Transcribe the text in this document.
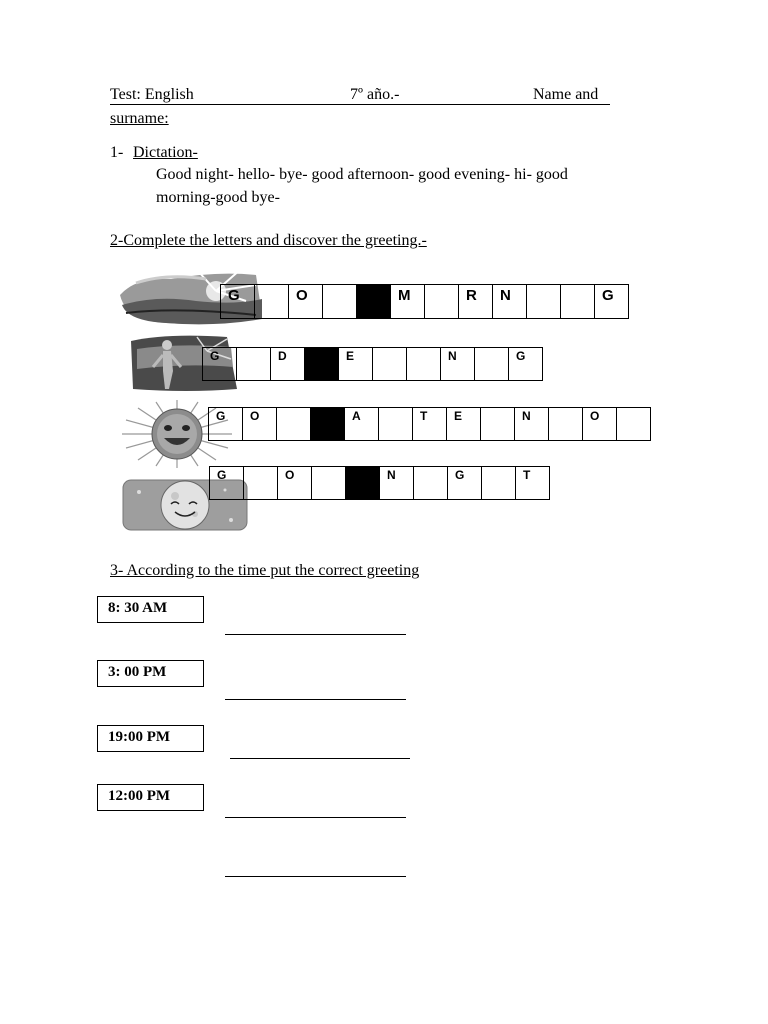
Test: English	7º año.-	Name and
surname:
1- Dictation-
Good night- hello- bye- good afternoon- good evening- hi- good
morning-good bye-
2-Complete the letters and discover the greeting.-
G	O	M	R N	G
G	D	E	N	G
G O	A	T E	N	O
G	O	N	G	T
3- According to the time put the correct greeting
8: 30 AM
3: 00 PM
19:00 PM
12:00 PM
